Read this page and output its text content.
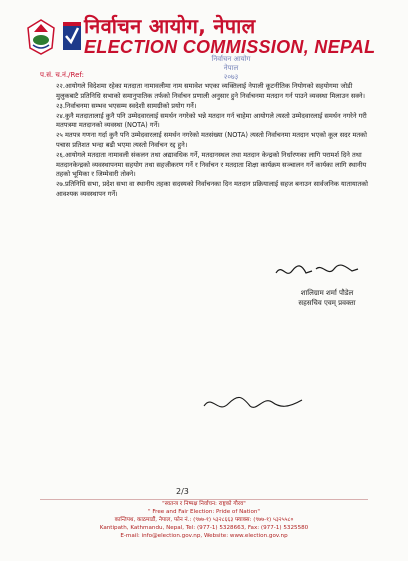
निर्वाचन आयोग, नेपाल
ELECTION COMMISSION, NEPAL
प.सं. च.नं./Ref:
निर्वाचन आयोग
नेपाल
२०७३

२२.आयोगले विदेशमा रहेका मतदाता नामावलीमा नाम समावेश भएका व्यक्तिलाई नेपाली कूटनीतिक नियोगको सहयोगमा जोडी मुलुकबाटै प्रतिनिधि सभाको समानुपातिक तर्फको निर्वाचन प्रणाली अनुसार हुने निर्वाचनमा मतदान गर्न पाउने व्यवस्था मिलाउन सक्ने।

२३.निर्वाचनमा सम्भव भएसम्म स्वदेशी सामग्रीको प्रयोग गर्ने।

२४.कुनै मतदातालाई कुनै पनि उम्मेदवारलाई समर्थन नगरेको भन्ने मतदान गर्न चाहेमा आयोगले त्यस्तो उम्मेदवारलाई समर्थन नगरेने गरी मतपत्रमा मतदानको व्यवस्था (NOTA) गर्ने।

२५ मतपत्र गणना गर्दा कुनै पनि उम्मेदवारलाई समर्थन नगरेको मतसंख्या (NOTA) त्यस्तो निर्वाचनमा मतदान भएको कूल सदर मतको पचास प्रतिशत भन्दा बढी भएमा त्यस्तो निर्वाचन रद्द हुने।

२६.आयोगले मतदाता नामावली संकलन तथा अद्यावधिक गर्ने, मतदानस्थल तथा मतदान केन्द्रको निर्धारणका लागि परामर्श दिने तथा मतदानकेन्द्रको व्यवस्थापनमा सहयोग तथा सहजीकरण गर्ने र निर्वाचन र मतदाता शिक्षा कार्यक्रम सञ्चालन गर्ने कार्यका लागि स्थानीय तहको भूमिका र जिम्मेवारी तोक्ने।

२७.प्रतिनिधि सभा, प्रदेश सभा वा स्थानीय तहका सदस्यको निर्वाचनका दिन मतदान प्रक्रियालाई सहज बनाउन सार्वजनिक यातायातको आवश्यक व्यवस्थापन गर्ने।

शालिग्राम शर्मा पौडेल
सहसचिव एवम् प्रवक्ता
2/3
"स्वतन्त्र र निष्पक्ष निर्वाचन: राष्ट्रको गौरव"
" Free and Fair Election: Pride of Nation"
कान्तिपथ, काठमाडौं, नेपाल, फोन नं.: (९७७-१) ५३२८६६३ फ्याक्स: (९७७-१) ५३२५५८०
Kantipath, Kathmandu, Nepal, Tel: (977-1) 5328663, Fax: (977-1) 5325580
E-mail: info@election.gov.np, Website: www.election.gov.np
